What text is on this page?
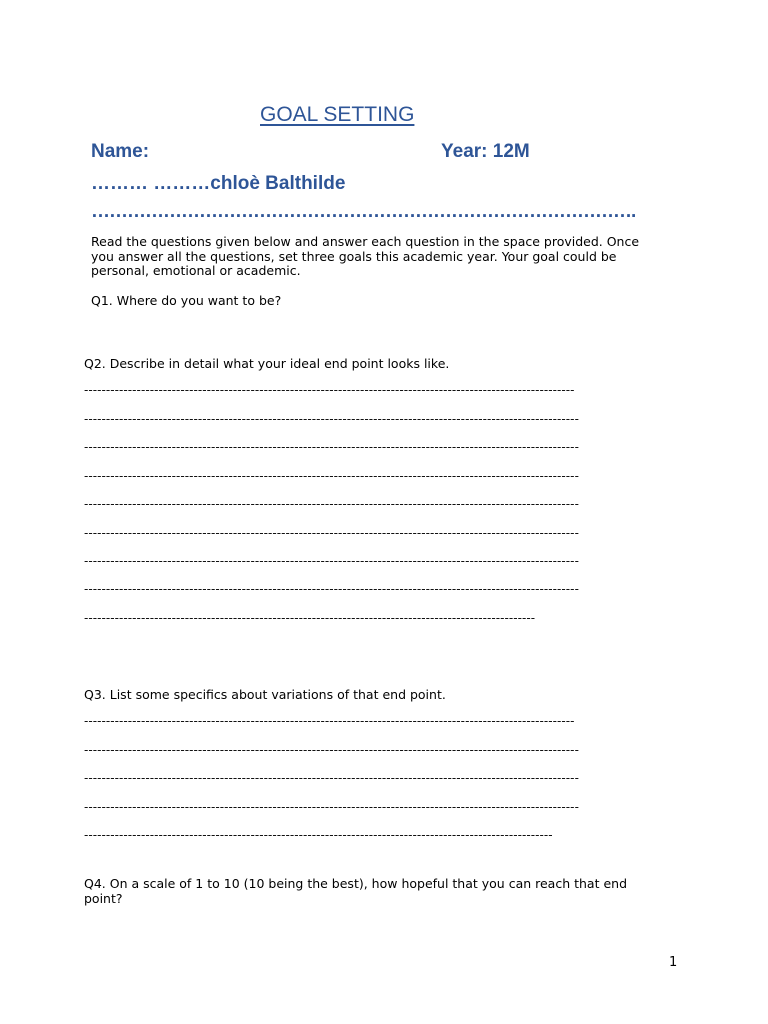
GOAL SETTING
Name:	Year: 12M
……… ………chloè Balthilde
……………………………………………………………………………….
Read the questions given below and answer each question in the space provided. Once you answer all the questions, set three goals this academic year. Your goal could be personal, emotional or academic.
Q1. Where do you want to be?
Q2. Describe in detail what your ideal end point looks like.
----------------------------------------------------------------------------------------------------------------
-----------------------------------------------------------------------------------------------------------------
-----------------------------------------------------------------------------------------------------------------
-----------------------------------------------------------------------------------------------------------------
-----------------------------------------------------------------------------------------------------------------
-----------------------------------------------------------------------------------------------------------------
-----------------------------------------------------------------------------------------------------------------
-----------------------------------------------------------------------------------------------------------------
-------------------------------------------------------------------------------------------------------
Q3. List some specifics about variations of that end point.
----------------------------------------------------------------------------------------------------------------
-----------------------------------------------------------------------------------------------------------------
-----------------------------------------------------------------------------------------------------------------
-----------------------------------------------------------------------------------------------------------------
-----------------------------------------------------------------------------------------------------------
Q4. On a scale of 1 to 10 (10 being the best), how hopeful that you can reach that end point?
1
